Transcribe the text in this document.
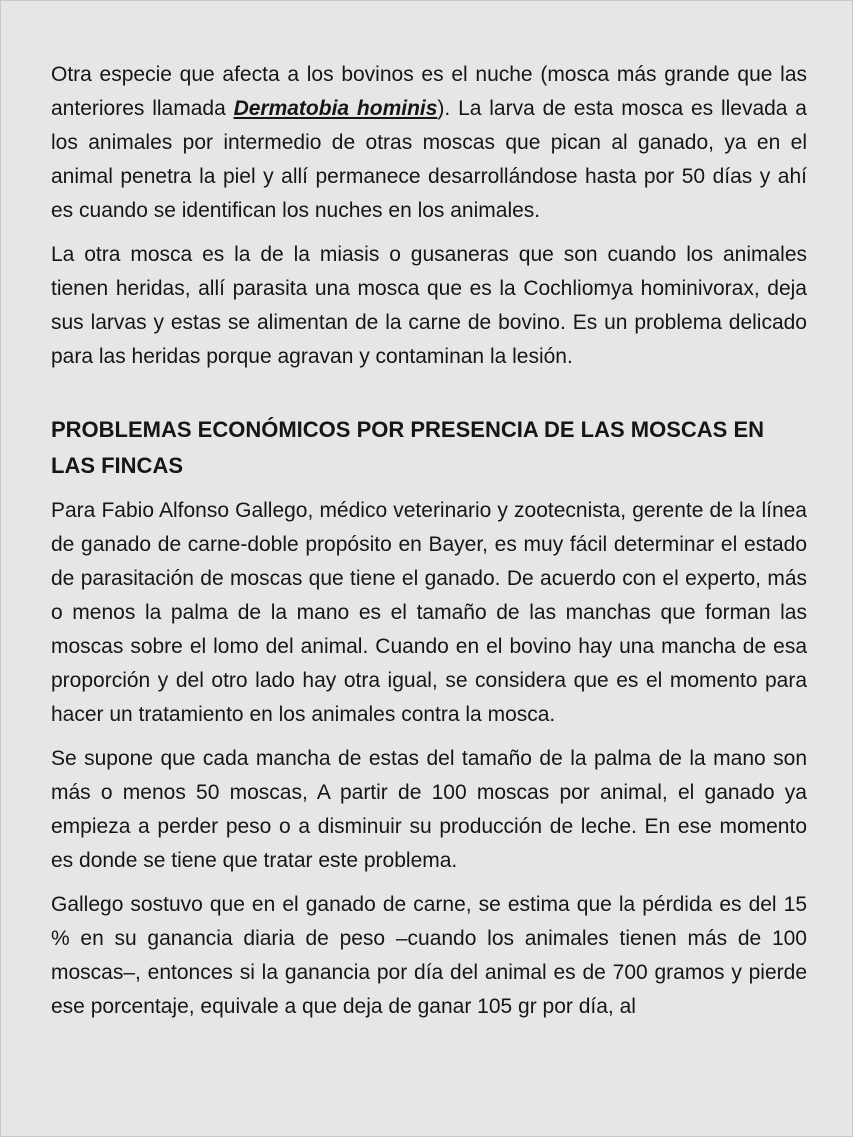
Otra especie que afecta a los bovinos es el nuche (mosca más grande que las anteriores llamada Dermatobia hominis). La larva de esta mosca es llevada a los animales por intermedio de otras moscas que pican al ganado, ya en el animal penetra la piel y allí permanece desarrollándose hasta por 50 días y ahí es cuando se identifican los nuches en los animales.

La otra mosca es la de la miasis o gusaneras que son cuando los animales tienen heridas, allí parasita una mosca que es la Cochliomya hominivorax, deja sus larvas y estas se alimentan de la carne de bovino. Es un problema delicado para las heridas porque agravan y contaminan la lesión.

PROBLEMAS ECONÓMICOS POR PRESENCIA DE LAS MOSCAS EN LAS FINCAS

Para Fabio Alfonso Gallego, médico veterinario y zootecnista, gerente de la línea de ganado de carne-doble propósito en Bayer, es muy fácil determinar el estado de parasitación de moscas que tiene el ganado. De acuerdo con el experto, más o menos la palma de la mano es el tamaño de las manchas que forman las moscas sobre el lomo del animal. Cuando en el bovino hay una mancha de esa proporción y del otro lado hay otra igual, se considera que es el momento para hacer un tratamiento en los animales contra la mosca.

Se supone que cada mancha de estas del tamaño de la palma de la mano son más o menos 50 moscas, A partir de 100 moscas por animal, el ganado ya empieza a perder peso o a disminuir su producción de leche. En ese momento es donde se tiene que tratar este problema.

Gallego sostuvo que en el ganado de carne, se estima que la pérdida es del 15 % en su ganancia diaria de peso –cuando los animales tienen más de 100 moscas–, entonces si la ganancia por día del animal es de 700 gramos y pierde ese porcentaje, equivale a que deja de ganar 105 gr por día, al
